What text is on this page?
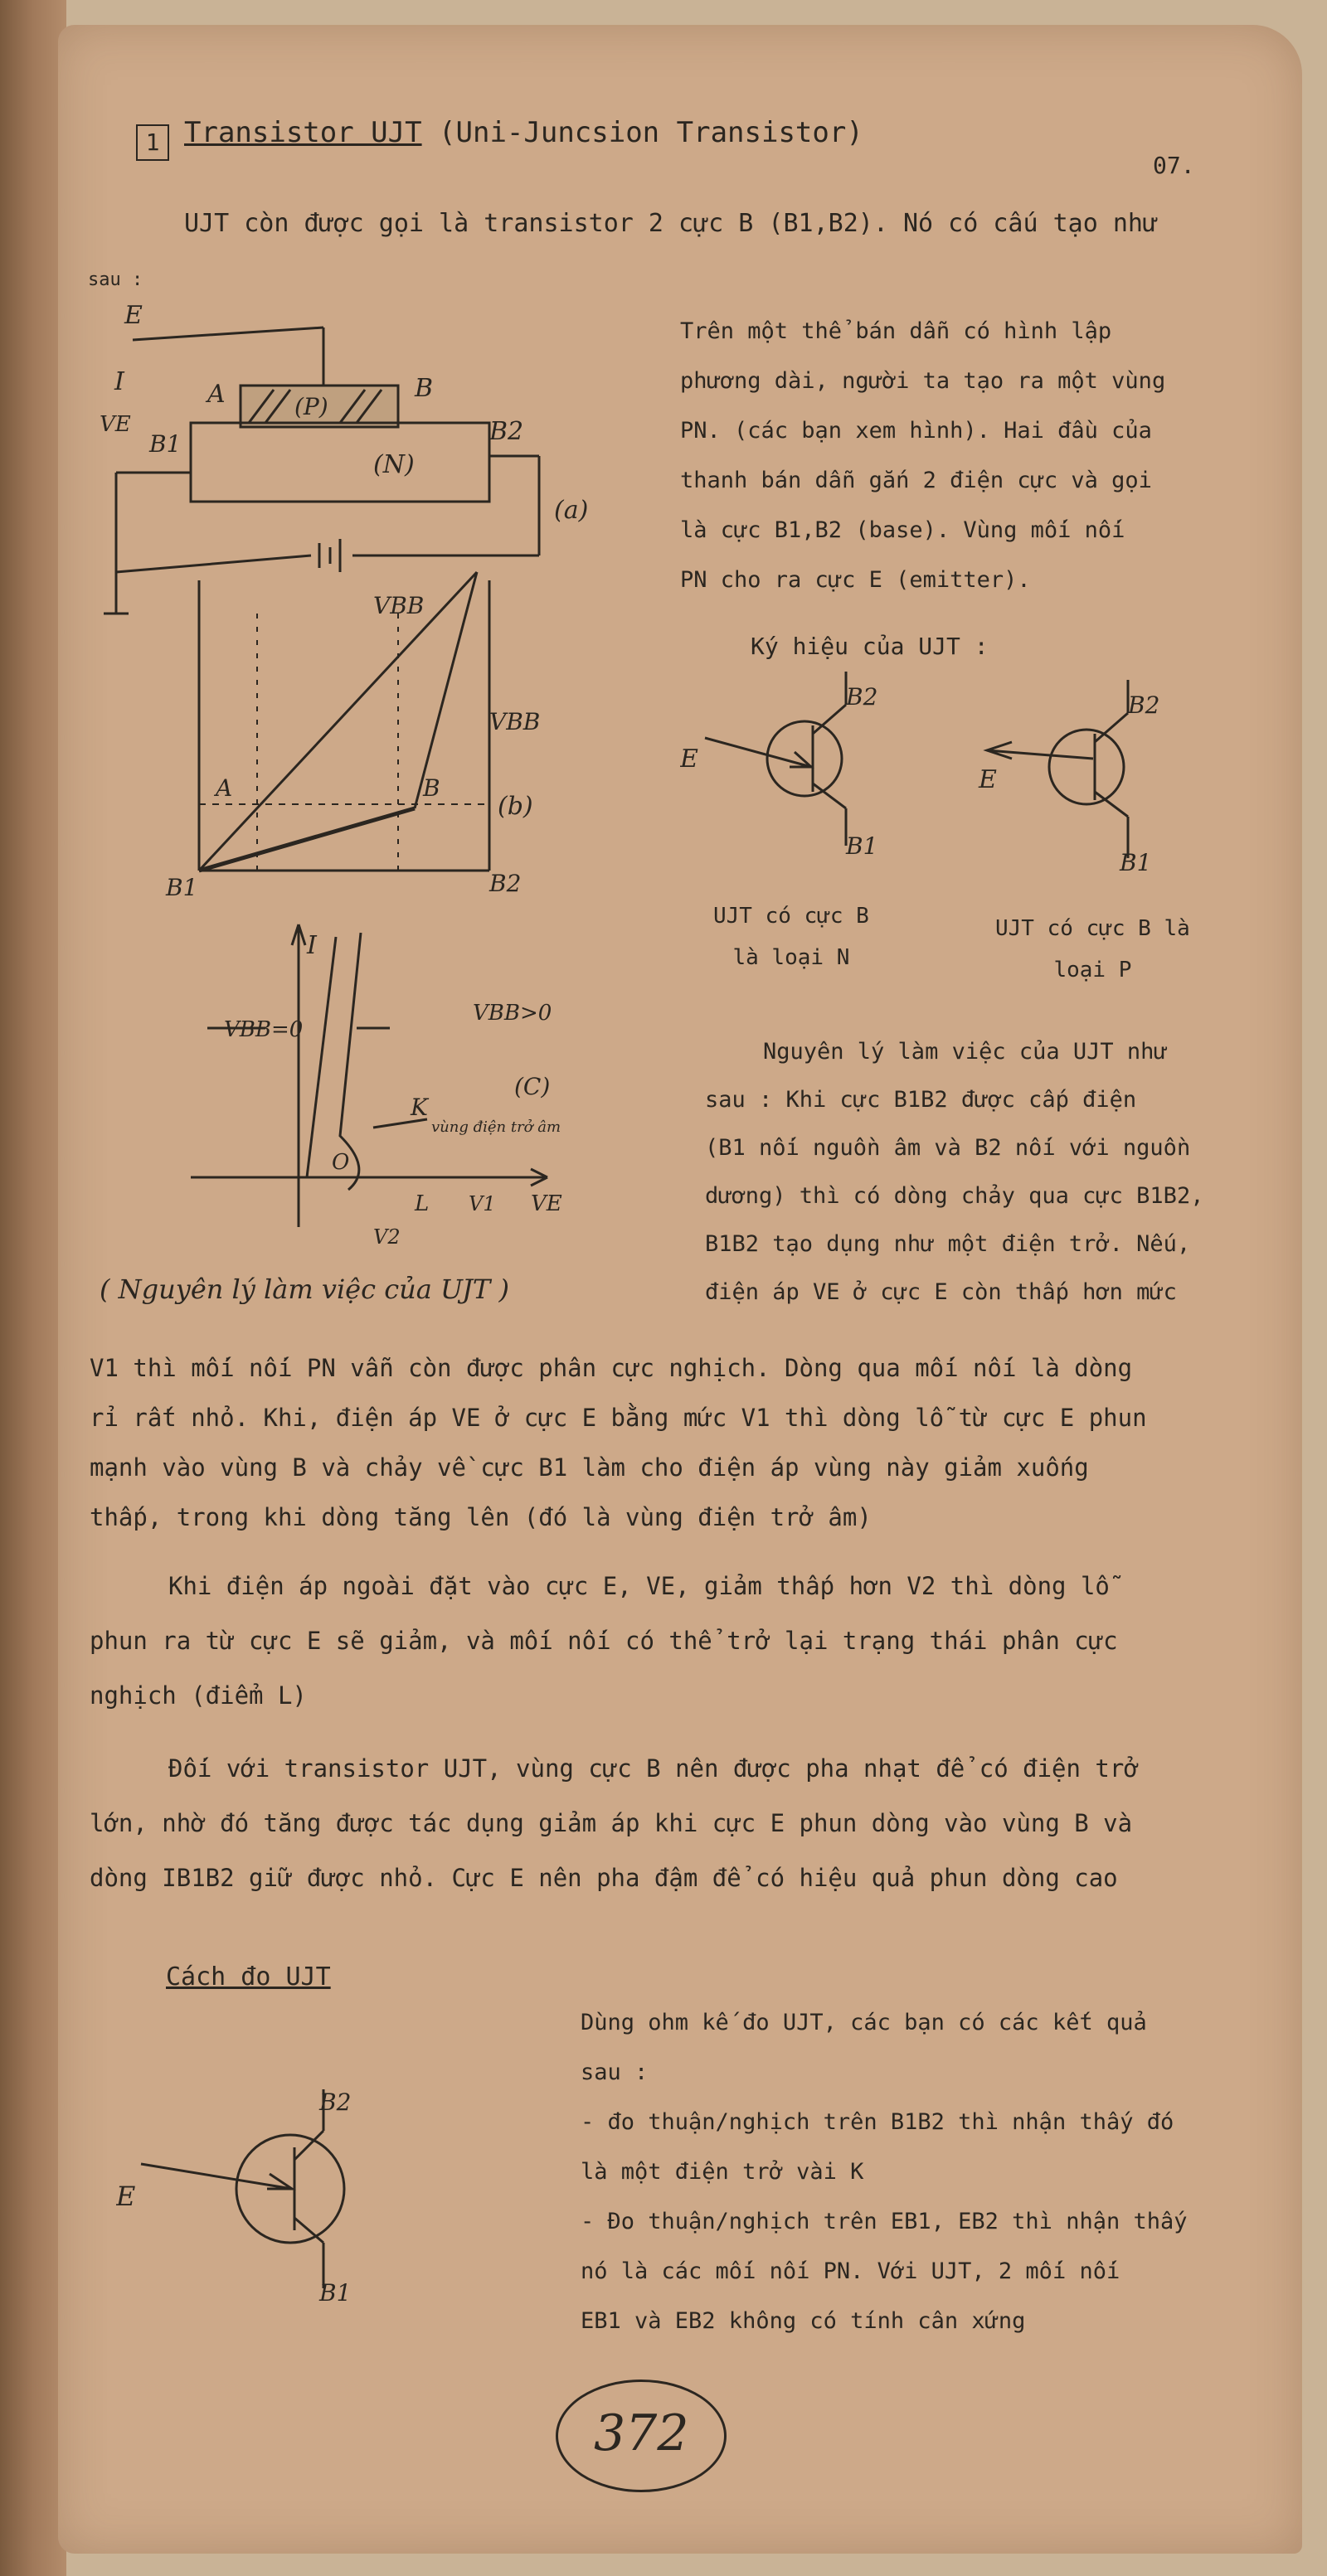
07.
1 Transistor UJT (Uni-Juncsion Transistor)
UJT còn được gọi là transistor 2 cực B (B1,B2). Nó có cấu tạo như
sau :
E
I
VE
A	B
(P)
(N)
B1	B2
(a)
VBB
VBB
A	B
(b)
B1	B2
I
VBB=0
VBB>0
(C)
K
vùng điện trở âm
O
L V1 VE
V2
( Nguyên lý làm việc của UJT )

Trên một thể bán dẫn có hình lập

phương dài, người ta tạo ra một vùng

PN. (các bạn xem hình). Hai đầu của

thanh bán dẫn gắn 2 điện cực và gọi

là cực B1,B2 (base). Vùng mối nối

PN cho ra cực E (emitter).

Ký hiệu của UJT :
E
B2
B1
E
B2
B1

UJT có cực B

là loại N

UJT có cực B là

loại P

Nguyên lý làm việc của UJT như

sau : Khi cực B1B2 được cấp điện

(B1 nối nguồn âm và B2 nối với nguồn

dương) thì có dòng chảy qua cực B1B2,

B1B2 tạo dụng như một điện trở. Nếu,

điện áp VE ở cực E còn thấp hơn mức

V1 thì mối nối PN vẫn còn được phân cực nghịch. Dòng qua mối nối là dòng

rỉ rất nhỏ. Khi, điện áp VE ở cực E bằng mức V1 thì dòng lỗ từ cực E phun

mạnh vào vùng B và chảy về cực B1 làm cho điện áp vùng này giảm xuống

thấp, trong khi dòng tăng lên (đó là vùng điện trở âm)

Khi điện áp ngoài đặt vào cực E, VE, giảm thấp hơn V2 thì dòng lỗ

phun ra từ cực E sẽ giảm, và mối nối có thể trở lại trạng thái phân cực

nghịch (điểm L)

Đối với transistor UJT, vùng cực B nên được pha nhạt để có điện trở

lớn, nhờ đó tăng được tác dụng giảm áp khi cực E phun dòng vào vùng B và

dòng IB1B2 giữ được nhỏ. Cực E nên pha đậm để có hiệu quả phun dòng cao

Cách đo UJT
E
B2
B1

Dùng ohm kế đo UJT, các bạn có các kết quả

sau :

- đo thuận/nghịch trên B1B2 thì nhận thấy đó

là một điện trở vài K

- Đo thuận/nghịch trên EB1, EB2 thì nhận thấy

nó là các mối nối PN. Với UJT, 2 mối nối

EB1 và EB2 không có tính cân xứng

372
